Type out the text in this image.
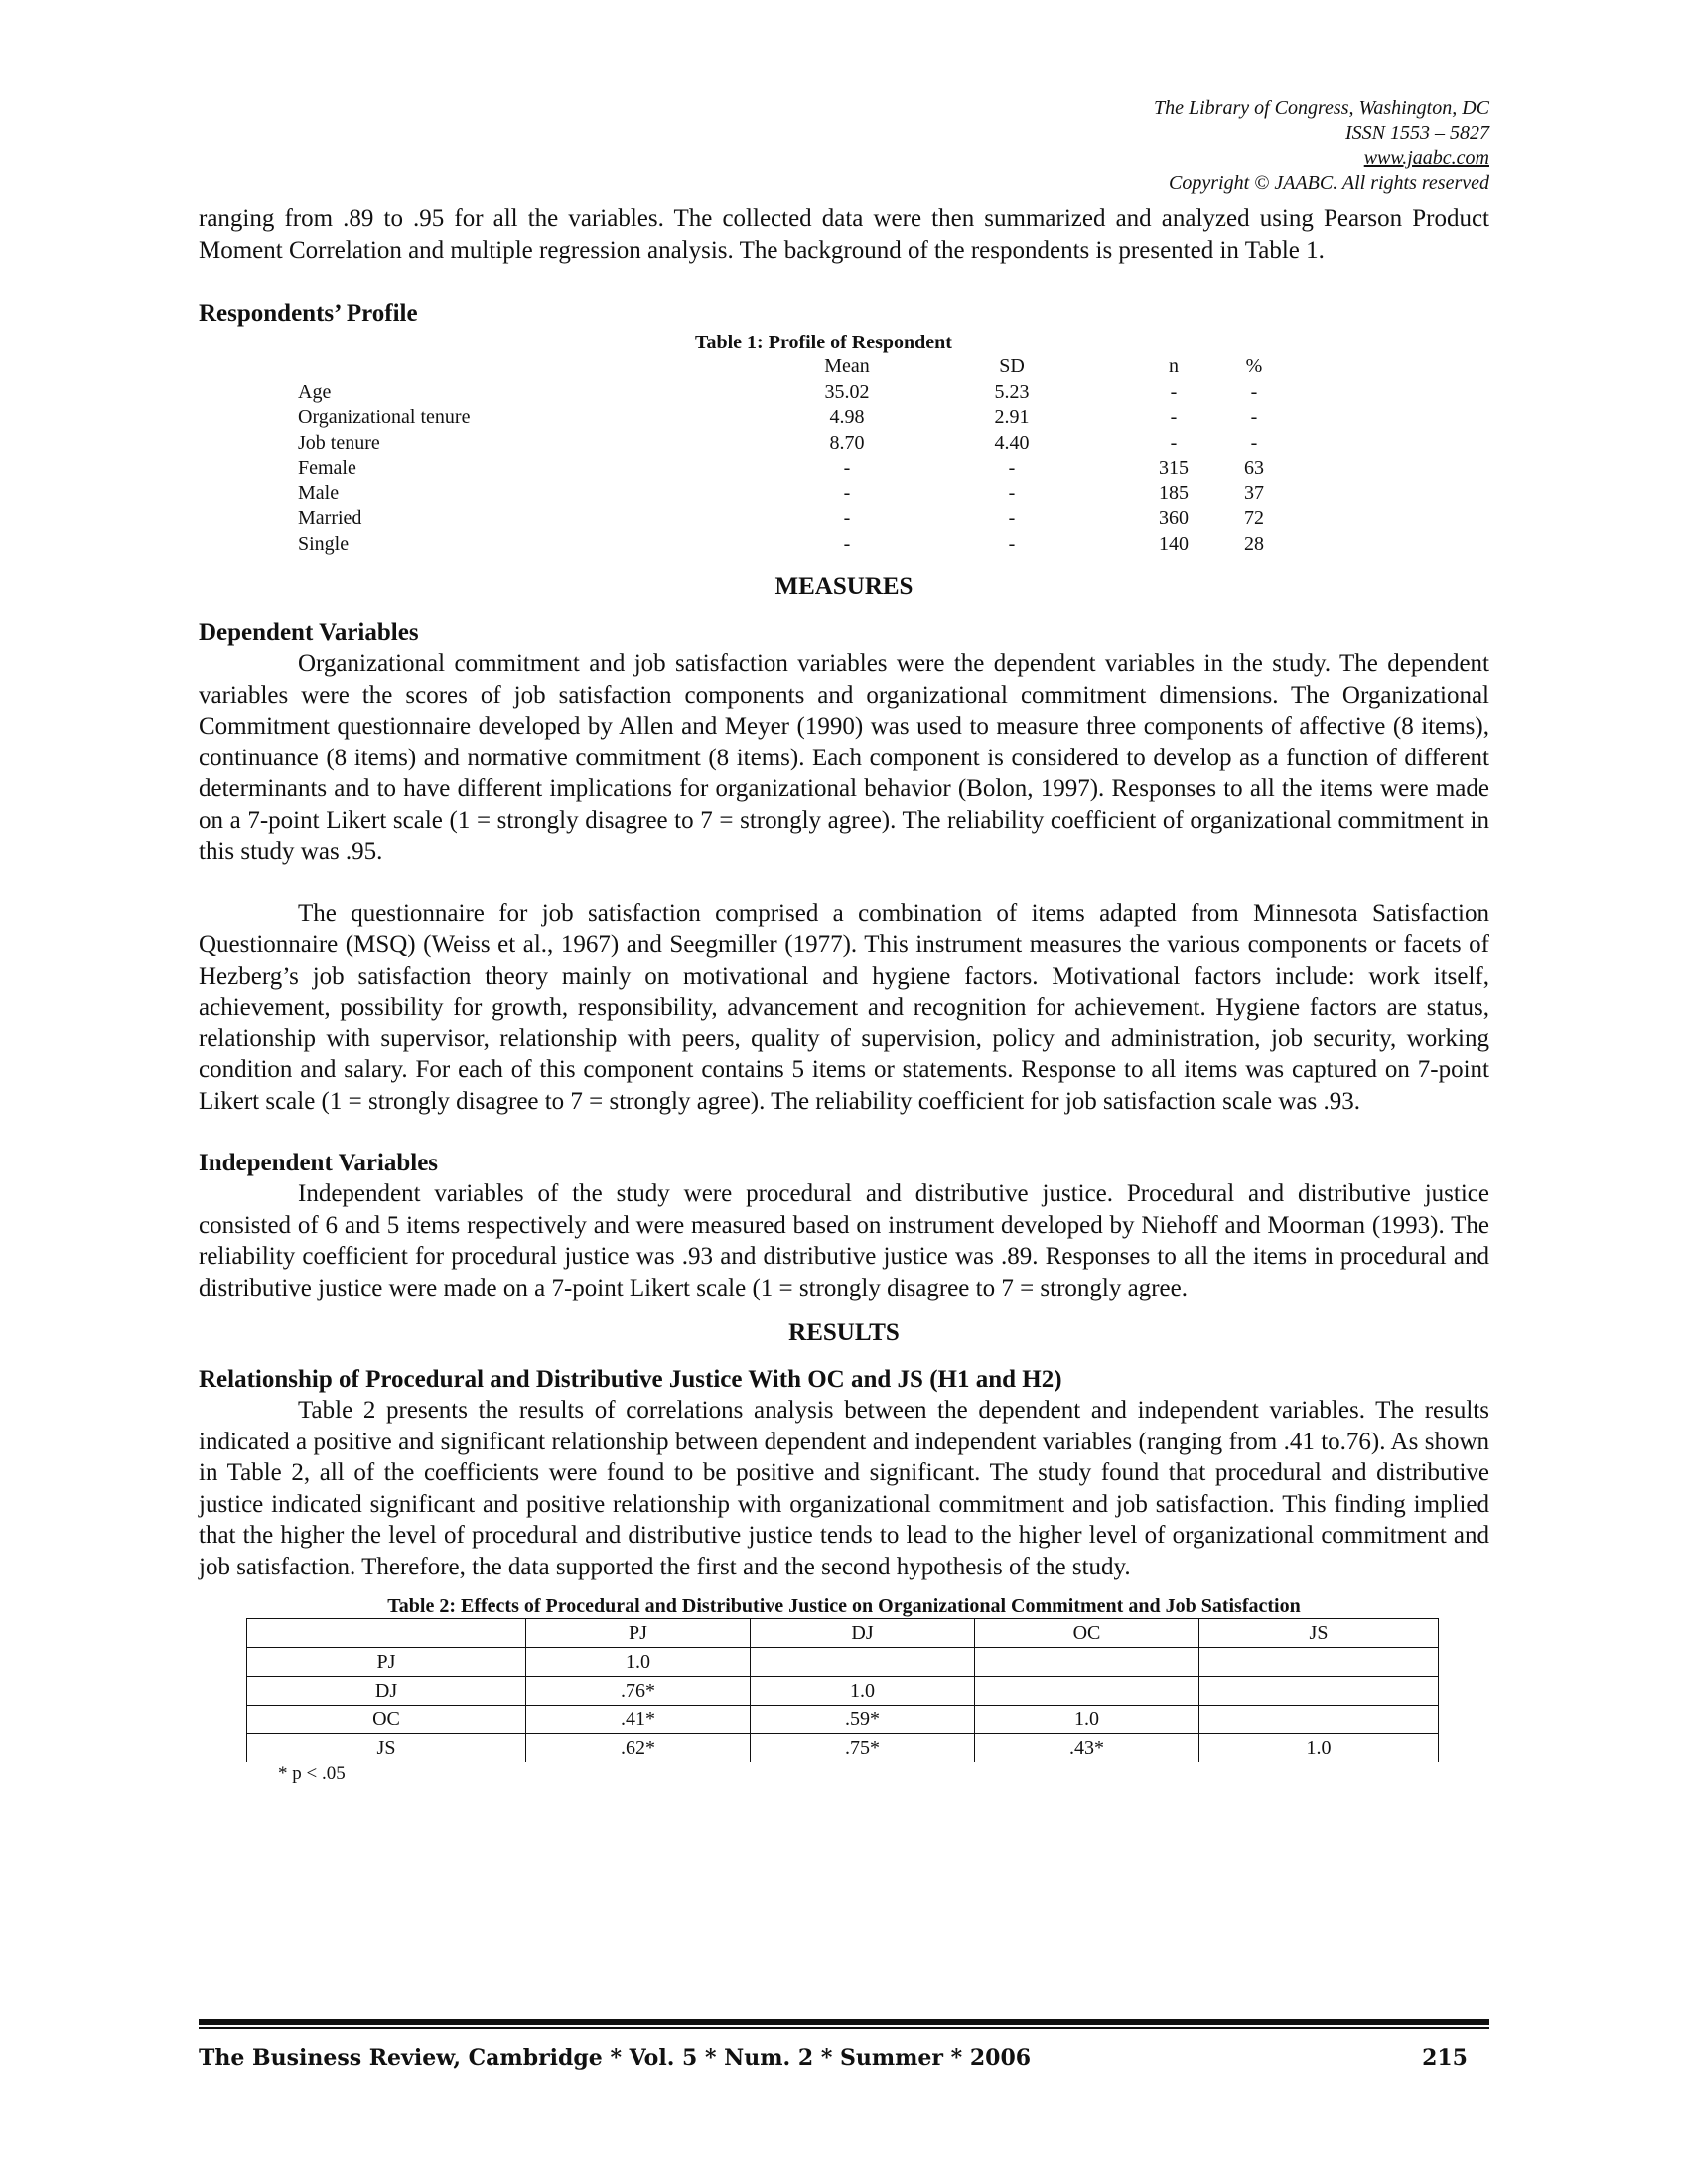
The Library of Congress, Washington, DC
ISSN 1553 – 5827
www.jaabc.com
Copyright © JAABC. All rights reserved

ranging from .89 to .95 for all the variables. The collected data were then summarized and analyzed using Pearson Product Moment Correlation and multiple regression analysis. The background of the respondents is presented in Table 1.

Respondents’ Profile
Table 1: Profile of Respondent
Mean	SD	n	%
Age	35.02	5.23	-	-
Organizational tenure	4.98	2.91	-	-
Job tenure	8.70	4.40	-	-
Female	-	-	315	63
Male	-	-	185	37
Married	-	-	360	72
Single	-	-	140	28

MEASURES

Dependent Variables

Organizational commitment and job satisfaction variables were the dependent variables in the study. The dependent variables were the scores of job satisfaction components and organizational commitment dimensions. The Organizational Commitment questionnaire developed by Allen and Meyer (1990) was used to measure three components of affective (8 items), continuance (8 items) and normative commitment (8 items). Each component is considered to develop as a function of different determinants and to have different implications for organizational behavior (Bolon, 1997). Responses to all the items were made on a 7-point Likert scale (1 = strongly disagree to 7 = strongly agree). The reliability coefficient of organizational commitment in this study was .95.

The questionnaire for job satisfaction comprised a combination of items adapted from Minnesota Satisfaction Questionnaire (MSQ) (Weiss et al., 1967) and Seegmiller (1977). This instrument measures the various components or facets of Hezberg’s job satisfaction theory mainly on motivational and hygiene factors. Motivational factors include: work itself, achievement, possibility for growth, responsibility, advancement and recognition for achievement. Hygiene factors are status, relationship with supervisor, relationship with peers, quality of supervision, policy and administration, job security, working condition and salary. For each of this component contains 5 items or statements. Response to all items was captured on 7-point Likert scale (1 = strongly disagree to 7 = strongly agree). The reliability coefficient for job satisfaction scale was .93.

Independent Variables

Independent variables of the study were procedural and distributive justice. Procedural and distributive justice consisted of 6 and 5 items respectively and were measured based on instrument developed by Niehoff and Moorman (1993). The reliability coefficient for procedural justice was .93 and distributive justice was .89. Responses to all the items in procedural and distributive justice were made on a 7-point Likert scale (1 = strongly disagree to 7 = strongly agree.

RESULTS

Relationship of Procedural and Distributive Justice With OC and JS (H1 and H2)

Table 2 presents the results of correlations analysis between the dependent and independent variables. The results indicated a positive and significant relationship between dependent and independent variables (ranging from .41 to.76). As shown in Table 2, all of the coefficients were found to be positive and significant. The study found that procedural and distributive justice indicated significant and positive relationship with organizational commitment and job satisfaction. This finding implied that the higher the level of procedural and distributive justice tends to lead to the higher level of organizational commitment and job satisfaction. Therefore, the data supported the first and the second hypothesis of the study.

Table 2: Effects of Procedural and Distributive Justice on Organizational Commitment and Job Satisfaction

	PJ	DJ	OC	JS
PJ	1.0			
DJ	.76*	1.0		
OC	.41*	.59*	1.0	
JS	.62*	.75*	.43*	1.0

* p < .05

The Business Review, Cambridge * Vol. 5 * Num. 2 * Summer * 2006	215
